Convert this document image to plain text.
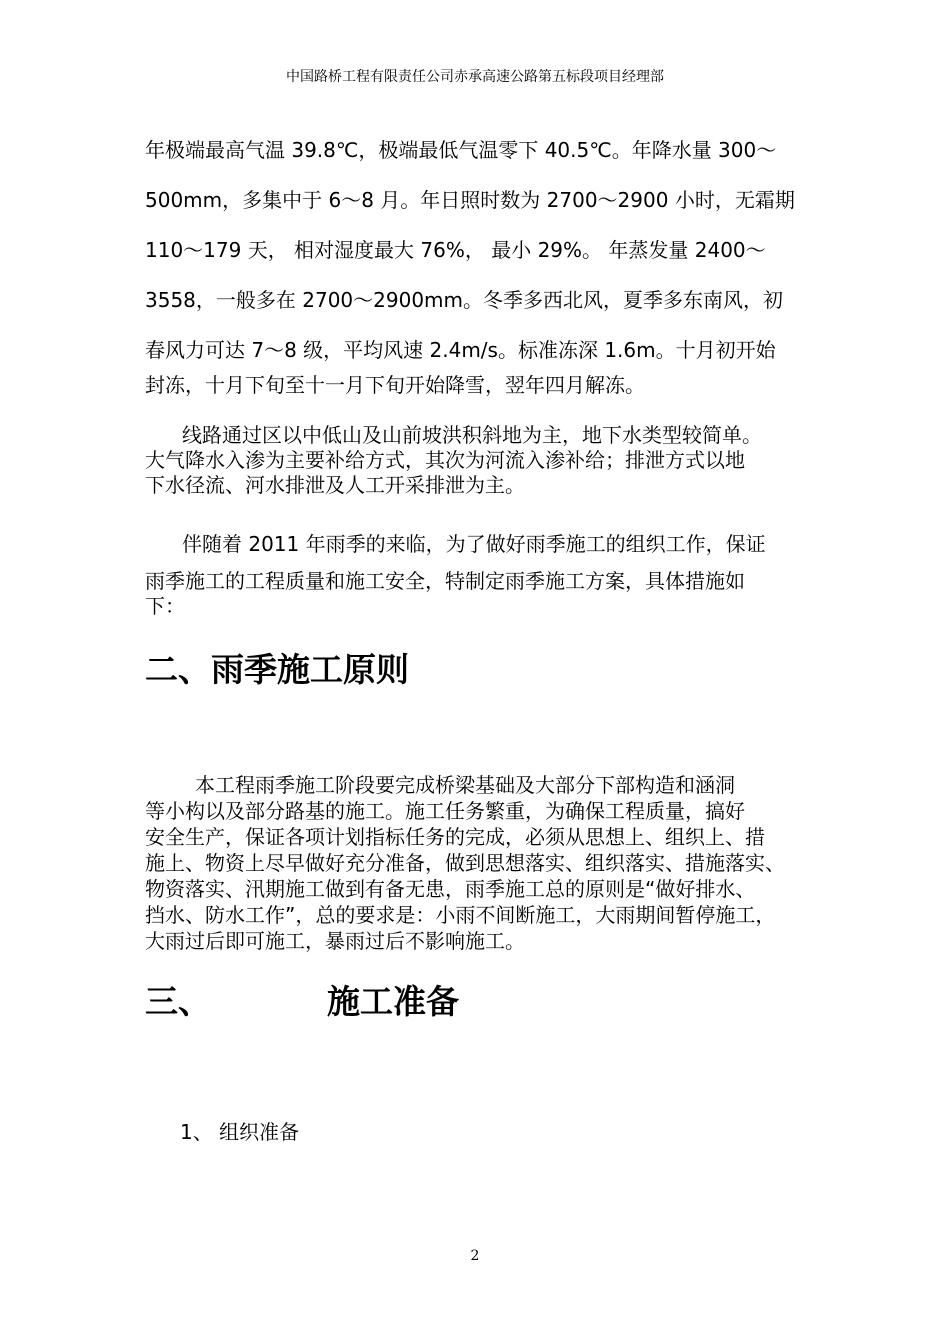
中国路桥工程有限责任公司赤承高速公路第五标段项目经理部

年极端最高气温 39.8℃，极端最低气温零下 40.5℃。年降水量 300～

500mm，多集中于 6～8 月。年日照时数为 2700～2900 小时，无霜期

110～179 天， 相对湿度最大 76%， 最小 29%。 年蒸发量 2400～

3558，一般多在 2700～2900mm。冬季多西北风，夏季多东南风，初

春风力可达 7～8 级，平均风速 2.4m/s。标准冻深 1.6m。十月初开始

封冻，十月下旬至十一月下旬开始降雪，翌年四月解冻。

线路通过区以中低山及山前坡洪积斜地为主，地下水类型较简单。

大气降水入渗为主要补给方式，其次为河流入渗补给；排泄方式以地

下水径流、河水排泄及人工开采排泄为主。

伴随着 2011 年雨季的来临，为了做好雨季施工的组织工作，保证

雨季施工的工程质量和施工安全，特制定雨季施工方案，具体措施如

下：

二、雨季施工原则

本工程雨季施工阶段要完成桥梁基础及大部分下部构造和涵洞

等小构以及部分路基的施工。施工任务繁重，为确保工程质量，搞好

安全生产，保证各项计划指标任务的完成，必须从思想上、组织上、措

施上、物资上尽早做好充分准备，做到思想落实、组织落实、措施落实、

物资落实、汛期施工做到有备无患，雨季施工总的原则是“做好排水、

挡水、防水工作”，总的要求是：小雨不间断施工，大雨期间暂停施工，

大雨过后即可施工，暴雨过后不影响施工。

三、	施工准备

1、 组织准备

2
